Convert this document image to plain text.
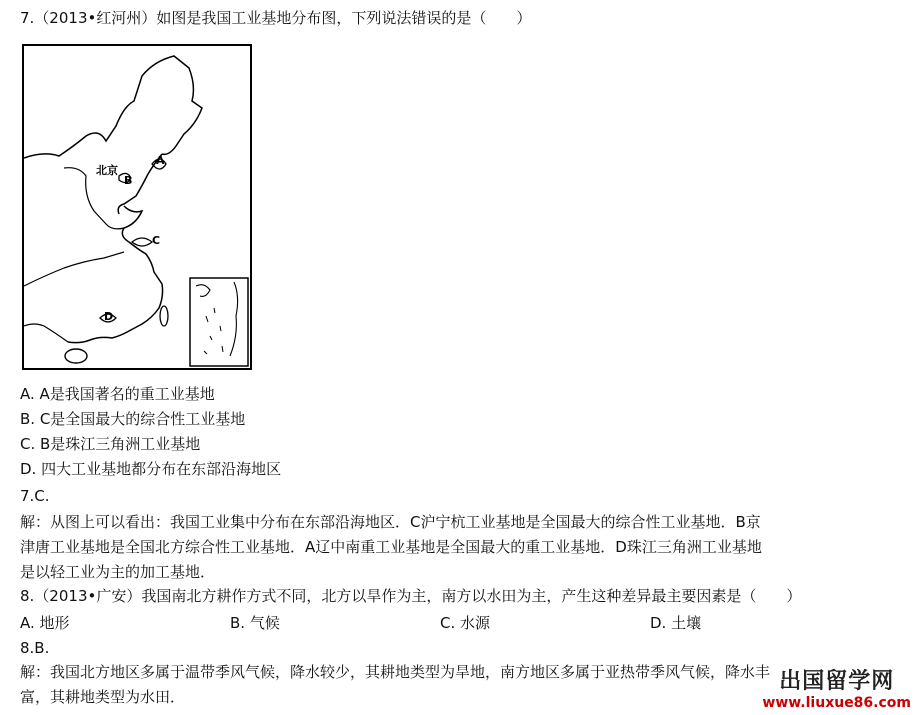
7.（2013•红河州）如图是我国工业基地分布图，下列说法错误的是（　　）
北京
A
B
C
D
A. A是我国著名的重工业基地
B. C是全国最大的综合性工业基地
C. B是珠江三角洲工业基地
D. 四大工业基地都分布在东部沿海地区
7.C.
解：从图上可以看出：我国工业集中分布在东部沿海地区．C沪宁杭工业基地是全国最大的综合性工业基地．B京
津唐工业基地是全国北方综合性工业基地．A辽中南重工业基地是全国最大的重工业基地．D珠江三角洲工业基地
是以轻工业为主的加工基地．
8.（2013•广安）我国南北方耕作方式不同，北方以旱作为主，南方以水田为主，产生这种差异最主要因素是（　　）
A. 地形	B. 气候	C. 水源	D. 土壤
8.B.
解：我国北方地区多属于温带季风气候，降水较少，其耕地类型为旱地，南方地区多属于亚热带季风气候，降水丰
富，其耕地类型为水田．
出国留学网
www.liuxue86.com
